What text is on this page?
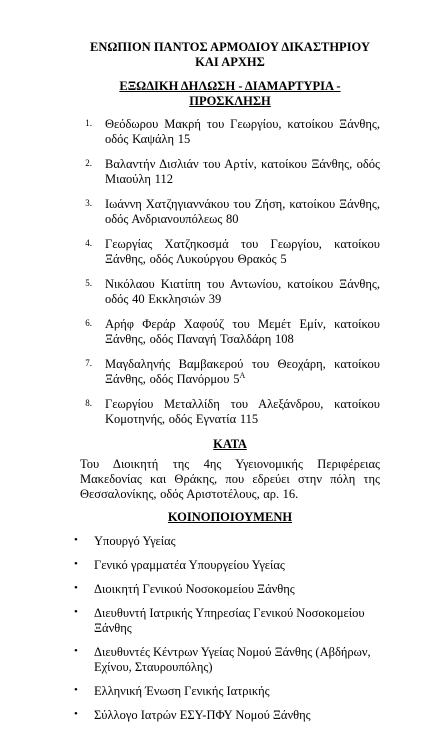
ΕΝΩΠΙΟΝ ΠΑΝΤΟΣ ΑΡΜΟΔΙΟΥ ΔΙΚΑΣΤΗΡΙΟΥ ΚΑΙ ΑΡΧΗΣ
ΕΞΩΔΙΚΗ ΔΗΛΩΣΗ - ΔΙΑΜΑΡΤΥΡΙΑ - ΠΡΟΣΚΛΗΣΗ
1. Θεόδωρου Μακρή του Γεωργίου, κατοίκου Ξάνθης, οδός Καψάλη 15
2. Βαλαντήν Δισλιάν του Αρτίν, κατοίκου Ξάνθης, οδός Μιαούλη 112
3. Ιωάννη Χατζηγιαννάκου του Ζήση, κατοίκου Ξάνθης, οδός Ανδριανουπόλεως 80
4. Γεωργίας Χατζηκοσμά του Γεωργίου, κατοίκου Ξάνθης, οδός Λυκούργου Θρακός 5
5. Νικόλαου Κιατίπη του Αντωνίου, κατοίκου Ξάνθης, οδός 40 Εκκλησιών 39
6. Αρήφ Φεράρ Χαφούζ του Μεμέτ Εμίν, κατοίκου Ξάνθης, οδός Παναγή Τσαλδάρη 108
7. Μαγδαληνής Βαμβακερού του Θεοχάρη, κατοίκου Ξάνθης, οδός Πανόρμου $5^A$
8. Γεωργίου Μεταλλίδη του Αλεξάνδρου, κατοίκου Κομοτηνής, οδός Εγνατία 115
ΚΑΤΑ
Του Διοικητή της 4ης Υγειονομικής Περιφέρειας Μακεδονίας και Θράκης, που εδρεύει στην πόλη της Θεσσαλονίκης, οδός Αριστοτέλους, αρ. 16.
ΚΟΙΝΟΠΟΙΟΥΜΕΝΗ
• Υπουργό Υγείας
• Γενικό γραμματέα Υπουργείου Υγείας
• Διοικητή Γενικού Νοσοκομείου Ξάνθης
• Διευθυντή Ιατρικής Υπηρεσίας Γενικού Νοσοκομείου Ξάνθης
• Διευθυντές Κέντρων Υγείας Νομού Ξάνθης (Αβδήρων, Εχίνου, Σταυρουπόλης)
• Ελληνική Ένωση Γενικής Ιατρικής
• Σύλλογο Ιατρών ΕΣΥ-ΠΦΥ Νομού Ξάνθης
